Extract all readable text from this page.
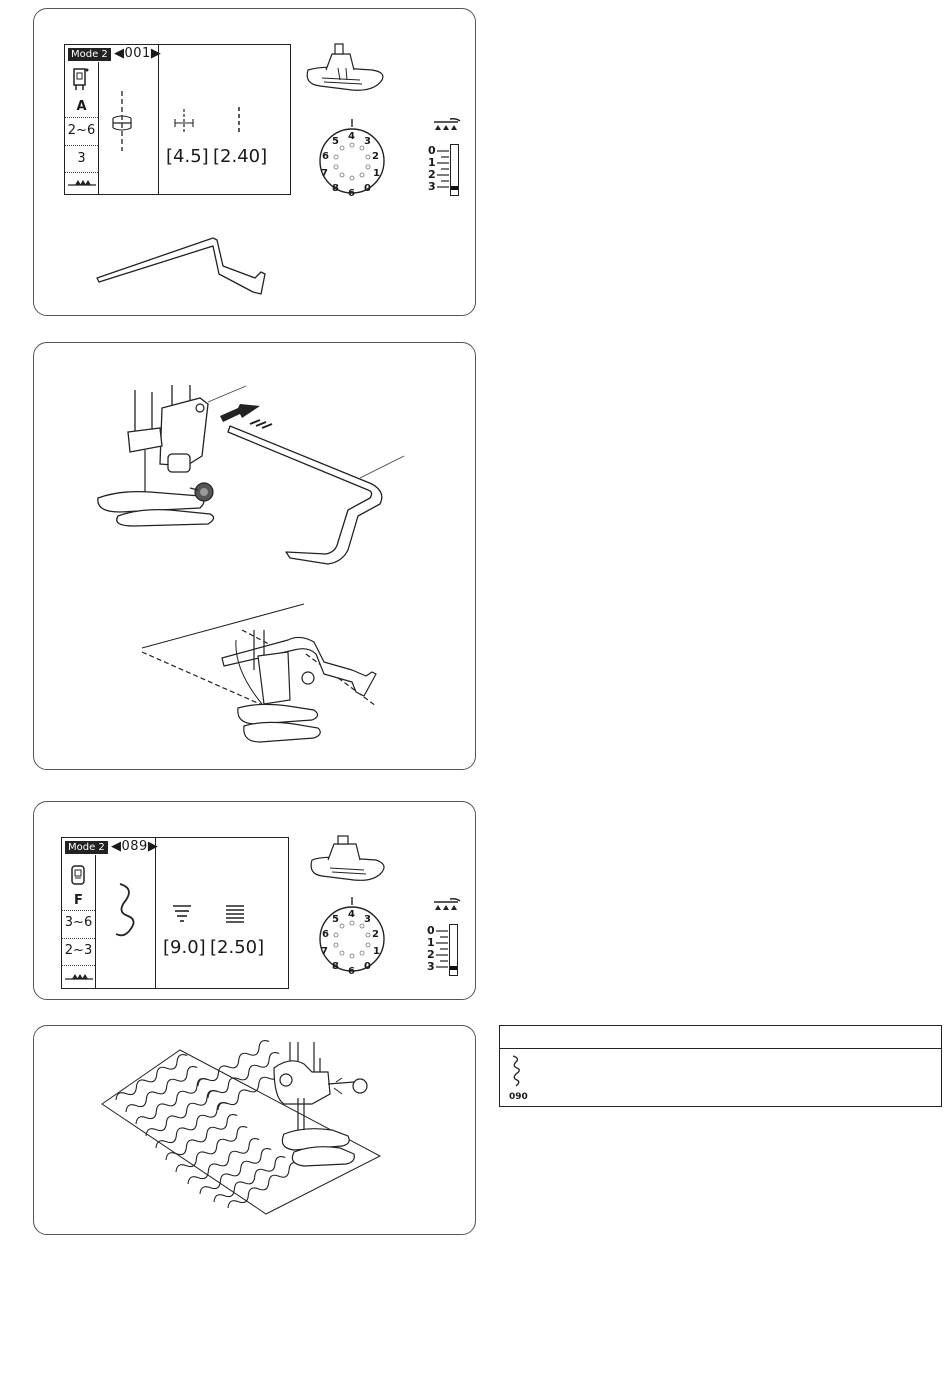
Mode 2 ◀001▶
A
2~6
3	[4.5] [2.40]
4 3
5
2
6
1
7
0
8 6
0
1
2
3
Mode 2 ◀089▶
F
3~6
2~3	[9.0] [2.50]
4 3
5
2
6
1
7
0
8 6
0
1
2
3
090
